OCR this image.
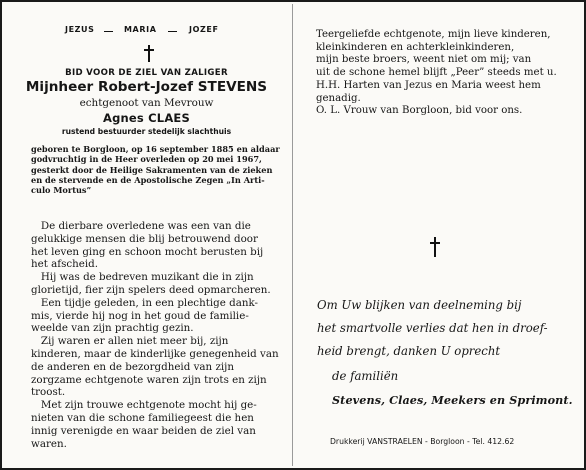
JEZUS	MARIA	JOZEF
BID VOOR DE ZIEL VAN ZALIGER
Mijnheer Robert-Jozef STEVENS
echtgenoot van Mevrouw
Agnes CLAES
rustend bestuurder stedelijk slachthuis

geboren te Borgloon, op 16 september 1885 en aldaar

godvruchtig in de Heer overleden op 20 mei 1967,

gesterkt door de Heilige Sakramenten van de zieken

en de stervende en de Apostolische Zegen „In Arti-

culo Mortus”

De dierbare overledene was een van die

gelukkige mensen die blij betrouwend door

het leven ging en schoon mocht berusten bij

het afscheid.

Hij was de bedreven muzikant die in zijn

glorietijd, fier zijn spelers deed opmarcheren.

Een tijdje geleden, in een plechtige dank-

mis, vierde hij nog in het goud de familie-

weelde van zijn prachtig gezin.

Zij waren er allen niet meer bij, zijn

kinderen, maar de kinderlijke genegenheid van

de anderen en de bezorgdheid van zijn

zorgzame echtgenote waren zijn trots en zijn

troost.

Met zijn trouwe echtgenote mocht hij ge-

nieten van die schone familiegeest die hen

innig verenigde en waar beiden de ziel van

waren.

Teergeliefde echtgenote, mijn lieve kinderen,

kleinkinderen en achterkleinkinderen,

mijn beste broers, weent niet om mij; van

uit de schone hemel blijft „Peer” steeds met u.

H.H. Harten van Jezus en Maria weest hem

genadig.

O. L. Vrouw van Borgloon, bid voor ons.

Om Uw blijken van deelneming bij
het smartvolle verlies dat hen in droef-
heid brengt, danken U oprecht
de familiën
Stevens, Claes, Meekers en Sprimont.
Drukkerij VANSTRAELEN - Borgloon - Tel. 412.62
